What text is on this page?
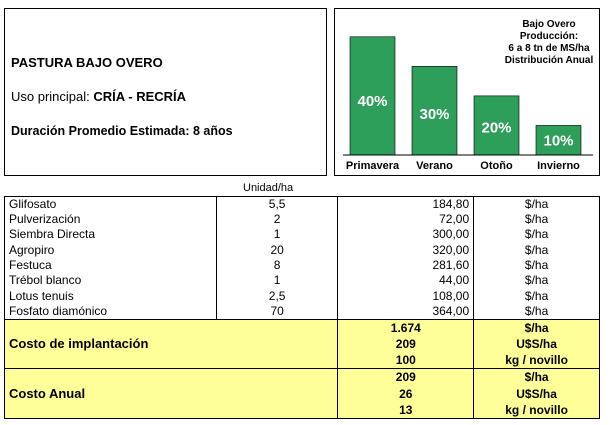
PASTURA BAJO OVERO
Uso principal: CRÍA - RECRÍA
Duración Promedio Estimada: 8 años
Bajo Overo
Producción:
6 a 8 tn de MS/ha
Distribución Anual
40%
Primavera
30%
Verano
20%
Otoño
10%
Invierno
Unidad/ha
Glifosato	5,5	184,80	$/ha
Pulverización	2	72,00	$/ha
Siembra Directa	1	300,00	$/ha
Agropiro	20	320,00	$/ha
Festuca	8	281,60	$/ha
Trébol blanco	1	44,00	$/ha
Lotus tenuis	2,5	108,00	$/ha
Fosfato diamónico	70	364,00	$/ha
		1.674	$/ha
Costo de implantación		209	U$S/ha
		100	kg / novillo
		209	$/ha
Costo Anual		26	U$S/ha
		13	kg / novillo
